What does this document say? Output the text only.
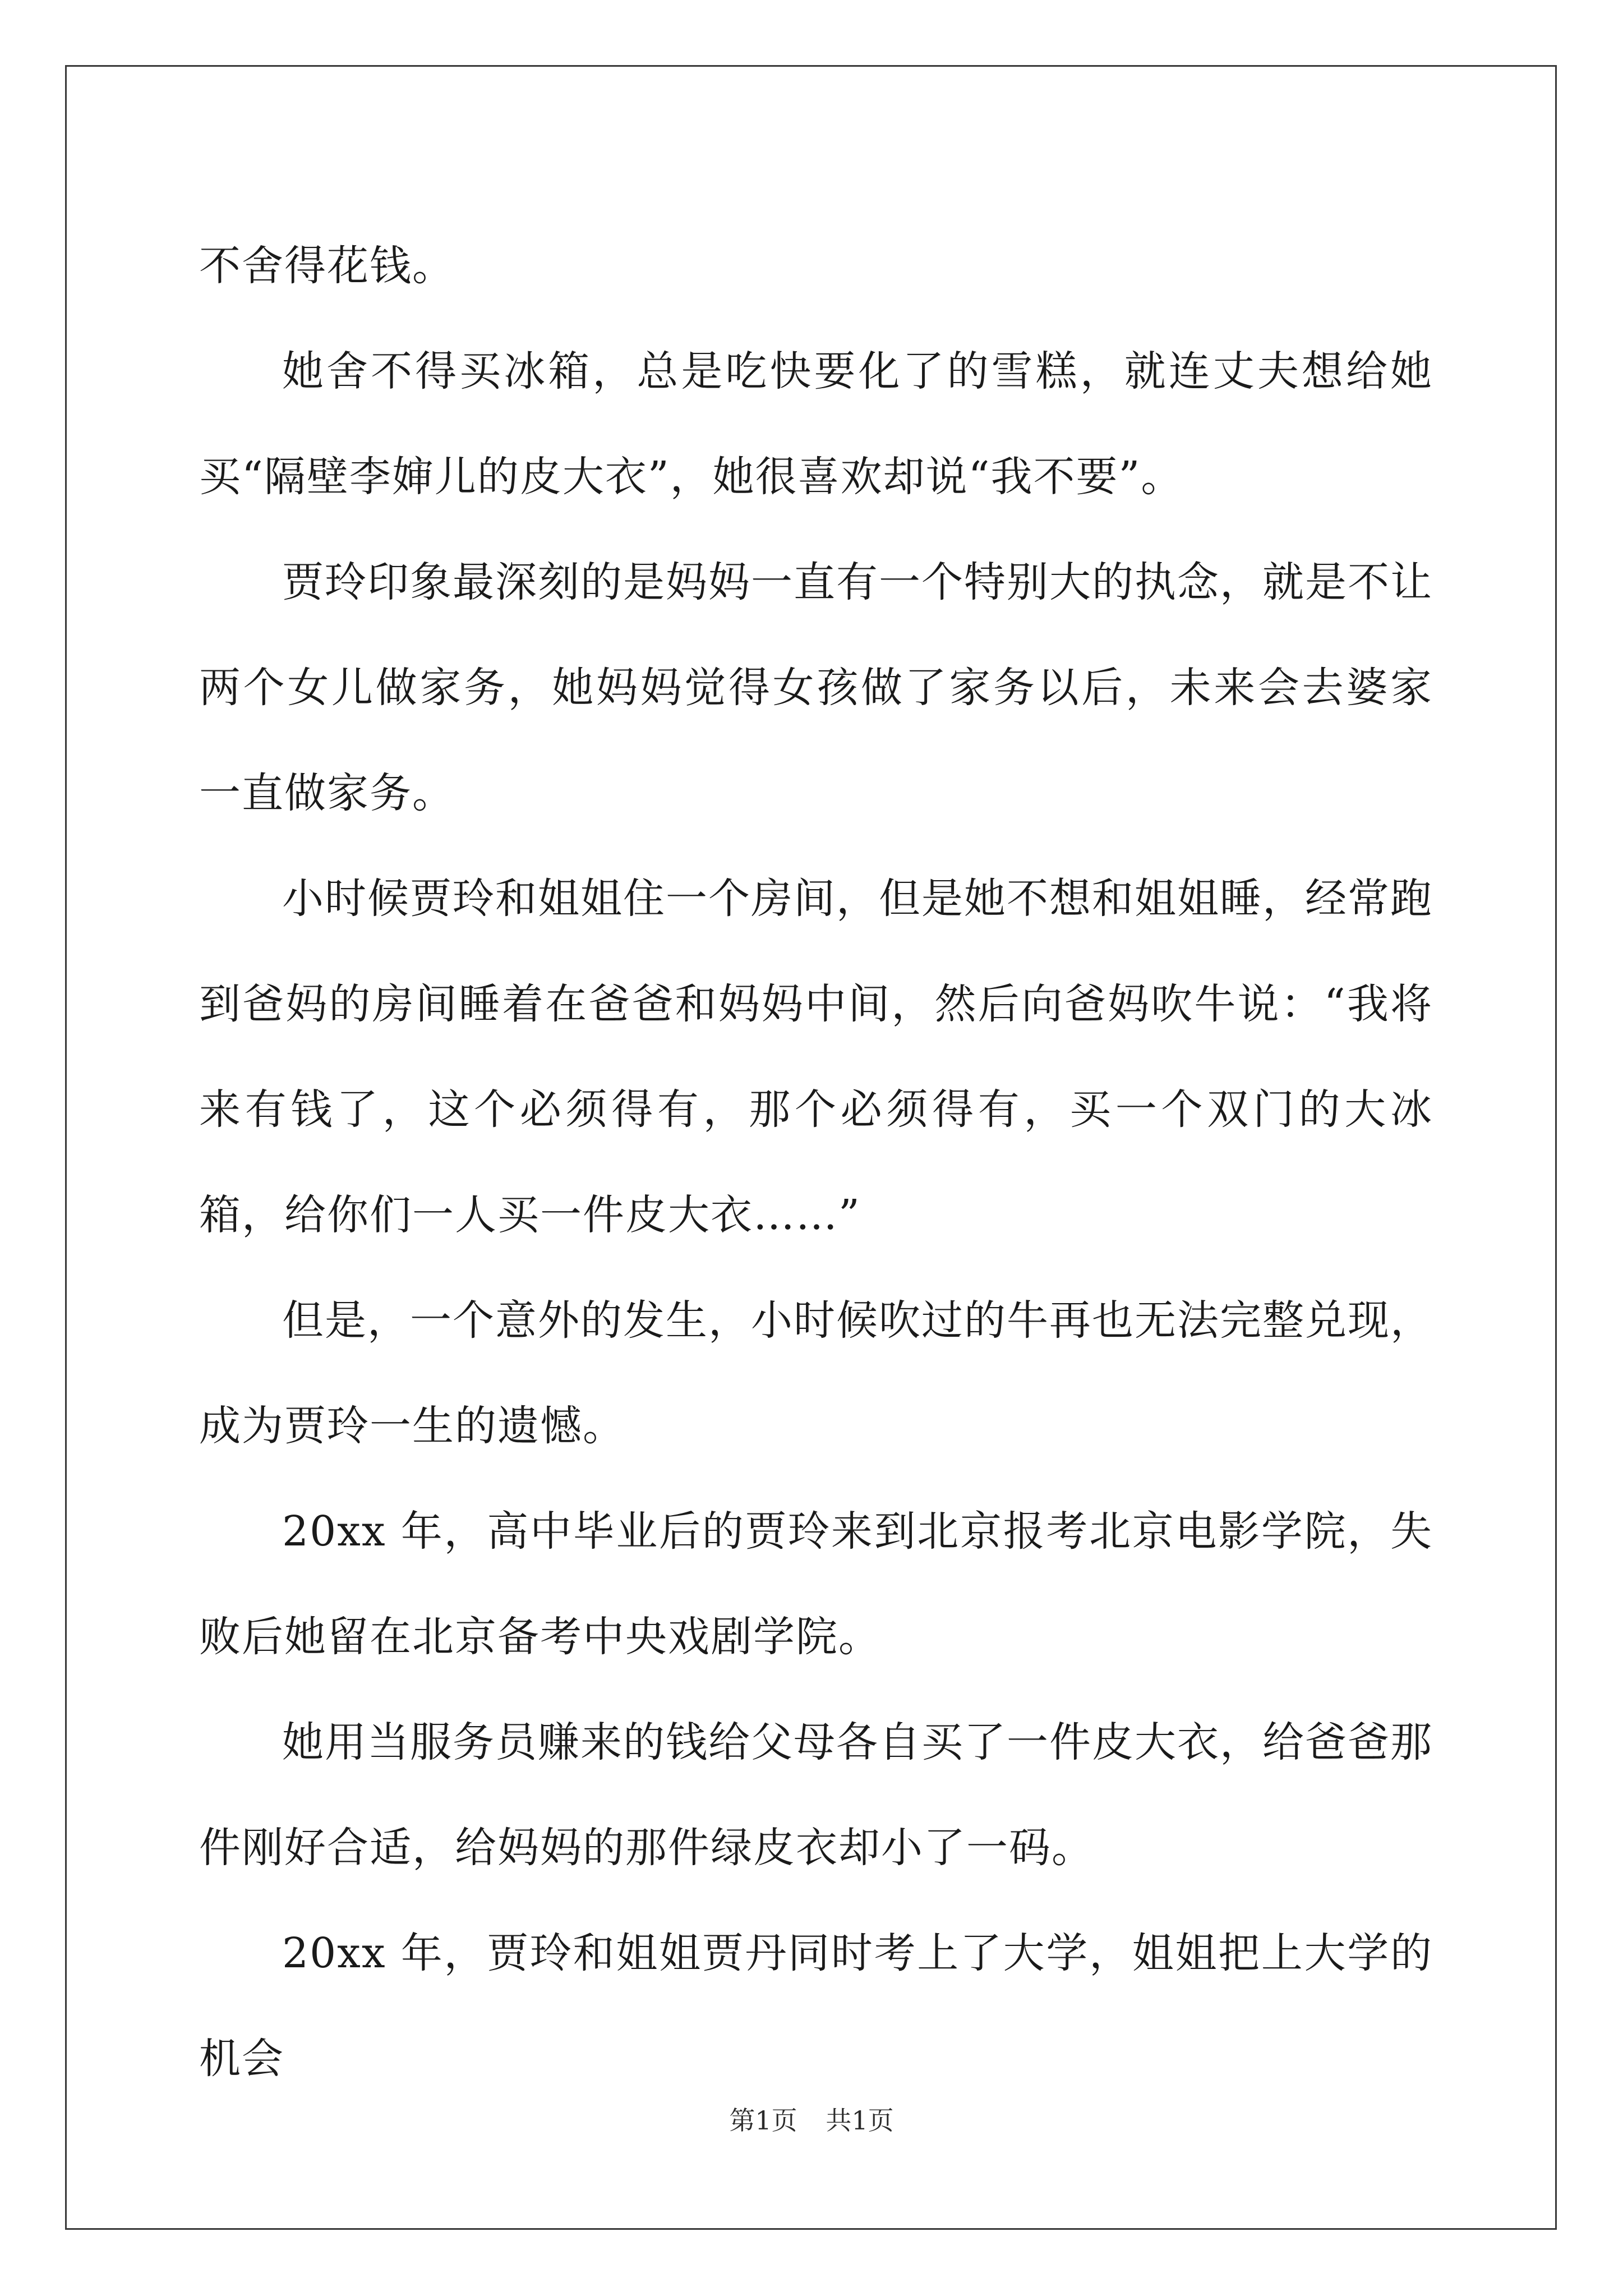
不舍得花钱。

她舍不得买冰箱，总是吃快要化了的雪糕，就连丈夫想给她买“隔壁李婶儿的皮大衣”，她很喜欢却说“我不要”。

贾玲印象最深刻的是妈妈一直有一个特别大的执念，就是不让两个女儿做家务，她妈妈觉得女孩做了家务以后，未来会去婆家一直做家务。

小时候贾玲和姐姐住一个房间，但是她不想和姐姐睡，经常跑到爸妈的房间睡着在爸爸和妈妈中间，然后向爸妈吹牛说：“我将来有钱了，这个必须得有，那个必须得有，买一个双门的大冰箱，给你们一人买一件皮大衣……”

但是，一个意外的发生，小时候吹过的牛再也无法完整兑现，成为贾玲一生的遗憾。

20xx 年，高中毕业后的贾玲来到北京报考北京电影学院，失败后她留在北京备考中央戏剧学院。

她用当服务员赚来的钱给父母各自买了一件皮大衣，给爸爸那件刚好合适，给妈妈的那件绿皮衣却小了一码。

20xx 年，贾玲和姐姐贾丹同时考上了大学，姐姐把上大学的机会

第1页 共1页
